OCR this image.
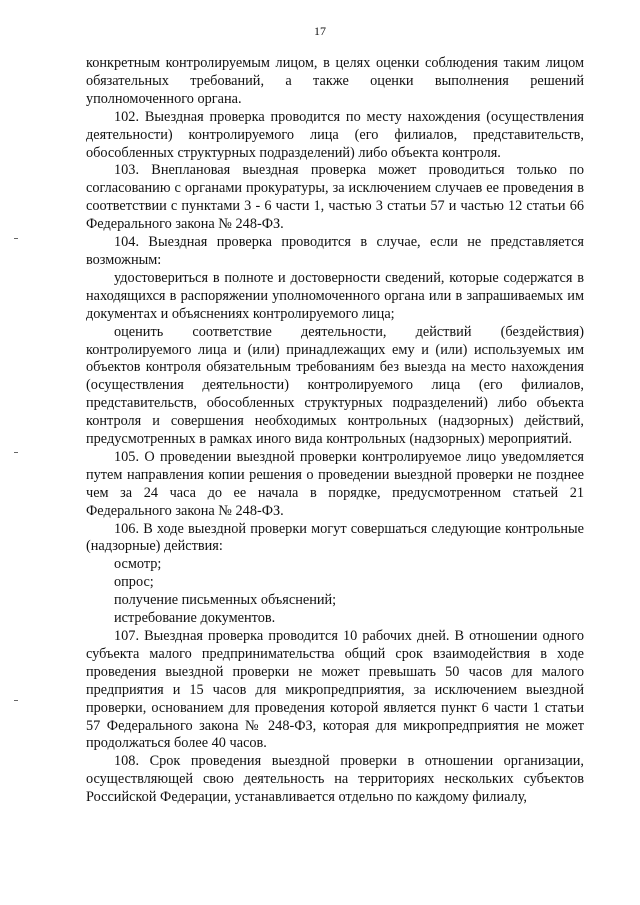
17

конкретным контролируемым лицом, в целях оценки соблюдения таким лицом обязательных требований, а также оценки выполнения решений уполномоченного органа.

102. Выездная проверка проводится по месту нахождения (осуществления деятельности) контролируемого лица (его филиалов, представительств, обособленных структурных подразделений) либо объекта контроля.

103. Внеплановая выездная проверка может проводиться только по согласованию с органами прокуратуры, за исключением случаев ее проведения в соответствии с пунктами 3 - 6 части 1, частью 3 статьи 57 и частью 12 статьи 66 Федерального закона № 248-ФЗ.

104. Выездная проверка проводится в случае, если не представляется возможным:

удостовериться в полноте и достоверности сведений, которые содержатся в находящихся в распоряжении уполномоченного органа или в запрашиваемых им документах и объяснениях контролируемого лица;

оценить соответствие деятельности, действий (бездействия) контролируемого лица и (или) принадлежащих ему и (или) используемых им объектов контроля обязательным требованиям без выезда на место нахождения (осуществления деятельности) контролируемого лица (его филиалов, представительств, обособленных структурных подразделений) либо объекта контроля и совершения необходимых контрольных (надзорных) действий, предусмотренных в рамках иного вида контрольных (надзорных) мероприятий.

105. О проведении выездной проверки контролируемое лицо уведомляется путем направления копии решения о проведении выездной проверки не позднее чем за 24 часа до ее начала в порядке, предусмотренном статьей 21 Федерального закона № 248-ФЗ.

106. В ходе выездной проверки могут совершаться следующие контрольные (надзорные) действия:

осмотр;

опрос;

получение письменных объяснений;

истребование документов.

107. Выездная проверка проводится 10 рабочих дней. В отношении одного субъекта малого предпринимательства общий срок взаимодействия в ходе проведения выездной проверки не может превышать 50 часов для малого предприятия и 15 часов для микропредприятия, за исключением выездной проверки, основанием для проведения которой является пункт 6 части 1 статьи 57 Федерального закона № 248-ФЗ, которая для микропредприятия не может продолжаться более 40 часов.

108. Срок проведения выездной проверки в отношении организации, осуществляющей свою деятельность на территориях нескольких субъектов Российской Федерации, устанавливается отдельно по каждому филиалу,
